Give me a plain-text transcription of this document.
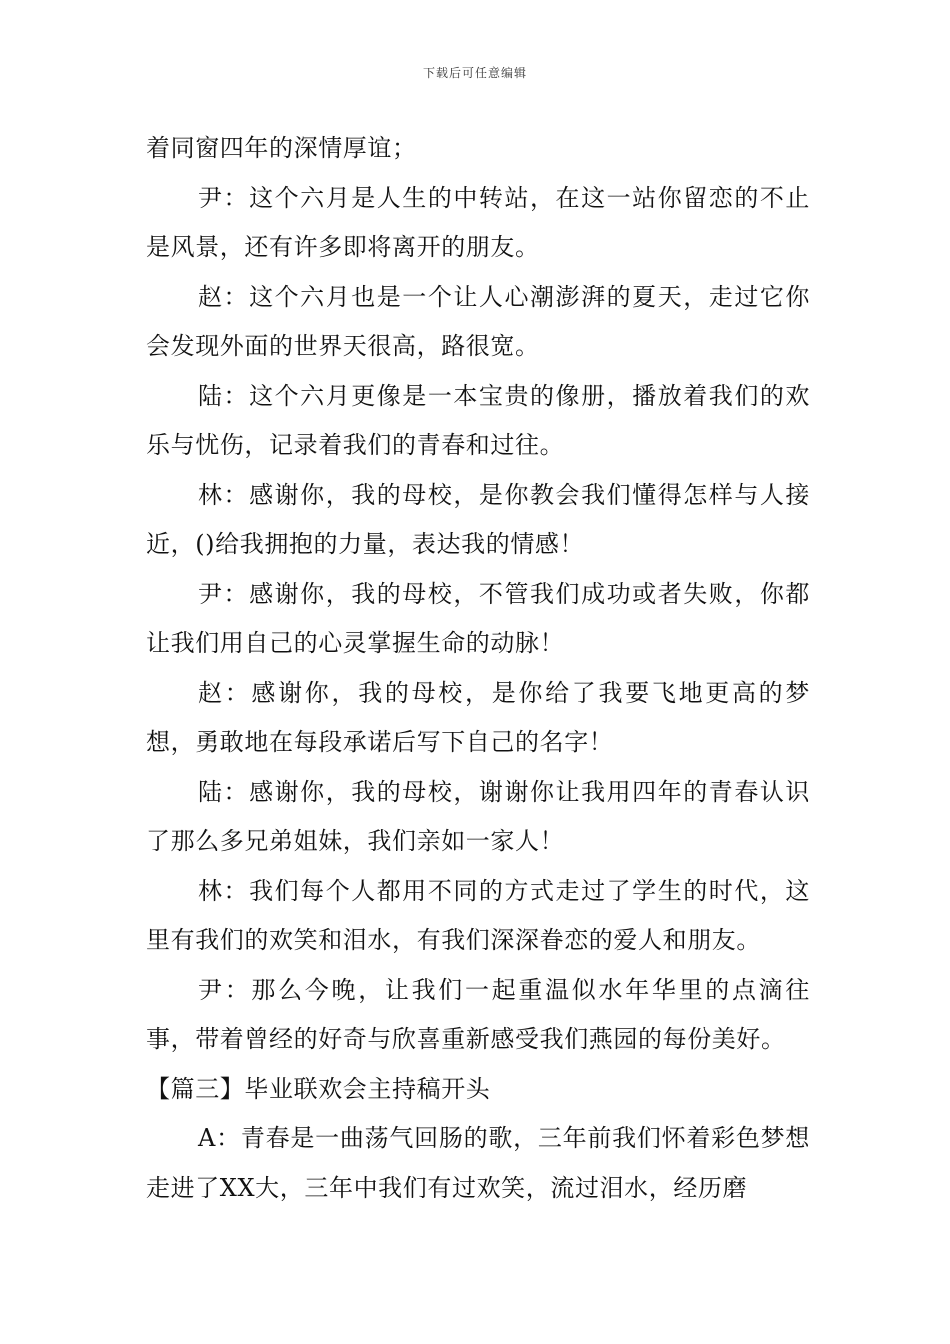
下载后可任意编辑

着同窗四年的深情厚谊；

尹：这个六月是人生的中转站，在这一站你留恋的不止是风景，还有许多即将离开的朋友。

赵：这个六月也是一个让人心潮澎湃的夏天，走过它你会发现外面的世界天很高，路很宽。

陆：这个六月更像是一本宝贵的像册，播放着我们的欢乐与忧伤，记录着我们的青春和过往。

林：感谢你，我的母校，是你教会我们懂得怎样与人接近，()给我拥抱的力量，表达我的情感！

尹：感谢你，我的母校，不管我们成功或者失败，你都让我们用自己的心灵掌握生命的动脉！

赵：感谢你，我的母校，是你给了我要飞地更高的梦想，勇敢地在每段承诺后写下自己的名字！

陆：感谢你，我的母校，谢谢你让我用四年的青春认识了那么多兄弟姐妹，我们亲如一家人！

林：我们每个人都用不同的方式走过了学生的时代，这里有我们的欢笑和泪水，有我们深深眷恋的爱人和朋友。

尹：那么今晚，让我们一起重温似水年华里的点滴往事，带着曾经的好奇与欣喜重新感受我们燕园的每份美好。

【篇三】毕业联欢会主持稿开头

A：青春是一曲荡气回肠的歌，三年前我们怀着彩色梦想走进了XX大，三年中我们有过欢笑，流过泪水，经历磨
